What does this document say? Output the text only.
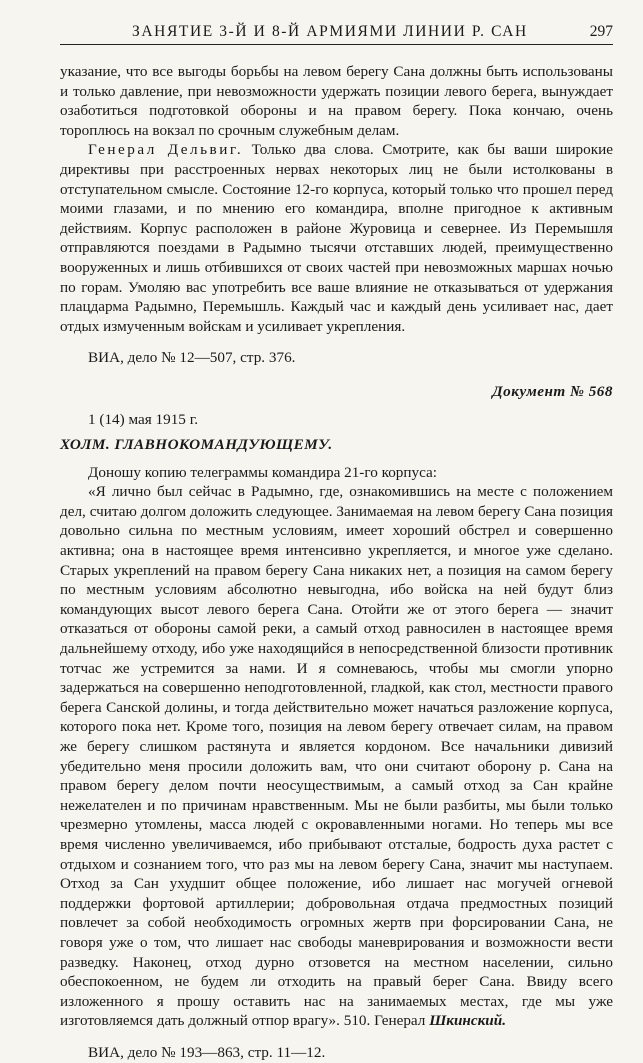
ЗАНЯТИЕ 3-Й И 8-Й АРМИЯМИ ЛИНИИ Р. САН	297

указание, что все выгоды борьбы на левом берегу Сана должны быть использованы и только давление, при невозможности удержать позиции левого берега, вынуждает озаботиться подготовкой обороны и на правом берегу. Пока кончаю, очень тороплюсь на вокзал по срочным служебным делам.

Генерал Дельвиг. Только два слова. Смотрите, как бы ваши широкие директивы при расстроенных нервах некоторых лиц не были истолкованы в отступательном смысле. Состояние 12-го корпуса, который только что прошел перед моими глазами, и по мнению его командира, вполне пригодное к активным действиям. Корпус расположен в районе Журовица и севернее. Из Перемышля отправляются поездами в Радымно тысячи отставших людей, преимущественно вооруженных и лишь отбившихся от своих частей при невозможных маршах ночью по горам. Умоляю вас употребить все ваше влияние не отказываться от удержания плацдарма Радымно, Перемышль. Каждый час и каждый день усиливает нас, дает отдых измученным войскам и усиливает укрепления.

ВИА, дело № 12—507, стр. 376.

Документ № 568

1 (14) мая 1915 г.

ХОЛМ. ГЛАВНОКОМАНДУЮЩЕМУ.

Доношу копию телеграммы командира 21-го корпуса:

«Я лично был сейчас в Радымно, где, ознакомившись на месте с положением дел, считаю долгом доложить следующее. Занимаемая на левом берегу Сана позиция довольно сильна по местным условиям, имеет хороший обстрел и совершенно активна; она в настоящее время интенсивно укрепляется, и многое уже сделано. Старых укреплений на правом берегу Сана никаких нет, а позиция на самом берегу по местным условиям абсолютно невыгодна, ибо войска на ней будут близ командующих высот левого берега Сана. Отойти же от этого берега — значит отказаться от обороны самой реки, а самый отход равносилен в настоящее время дальнейшему отходу, ибо уже находящийся в непосредственной близости противник тотчас же устремится за нами. И я сомневаюсь, чтобы мы смогли упорно задержаться на совершенно неподготовленной, гладкой, как стол, местности правого берега Санской долины, и тогда действительно может начаться разложение корпуса, которого пока нет. Кроме того, позиция на левом берегу отвечает силам, на правом же берегу слишком растянута и является кордоном. Все начальники дивизий убедительно меня просили доложить вам, что они считают оборону р. Сана на правом берегу делом почти неосуществимым, а самый отход за Сан крайне нежелателен и по причинам нравственным. Мы не были разбиты, мы были только чрезмерно утомлены, масса людей с окровавленными ногами. Но теперь мы все время численно увеличиваемся, ибо прибывают отсталые, бодрость духа растет с отдыхом и сознанием того, что раз мы на левом берегу Сана, значит мы наступаем. Отход за Сан ухудшит общее положение, ибо лишает нас могучей огневой поддержки фортовой артиллерии; добровольная отдача предмостных позиций повлечет за собой необходимость огромных жертв при форсировании Сана, не говоря уже о том, что лишает нас свободы маневрирования и возможности вести разведку. Наконец, отход дурно отзовется на местном населении, сильно обеспокоенном, не будем ли отходить на правый берег Сана. Ввиду всего изложенного я прошу оставить нас на занимаемых местах, где мы уже изготовляемся дать должный отпор врагу». 510. Генерал Шкинский.

ВИА, дело № 193—863, стр. 11—12.
